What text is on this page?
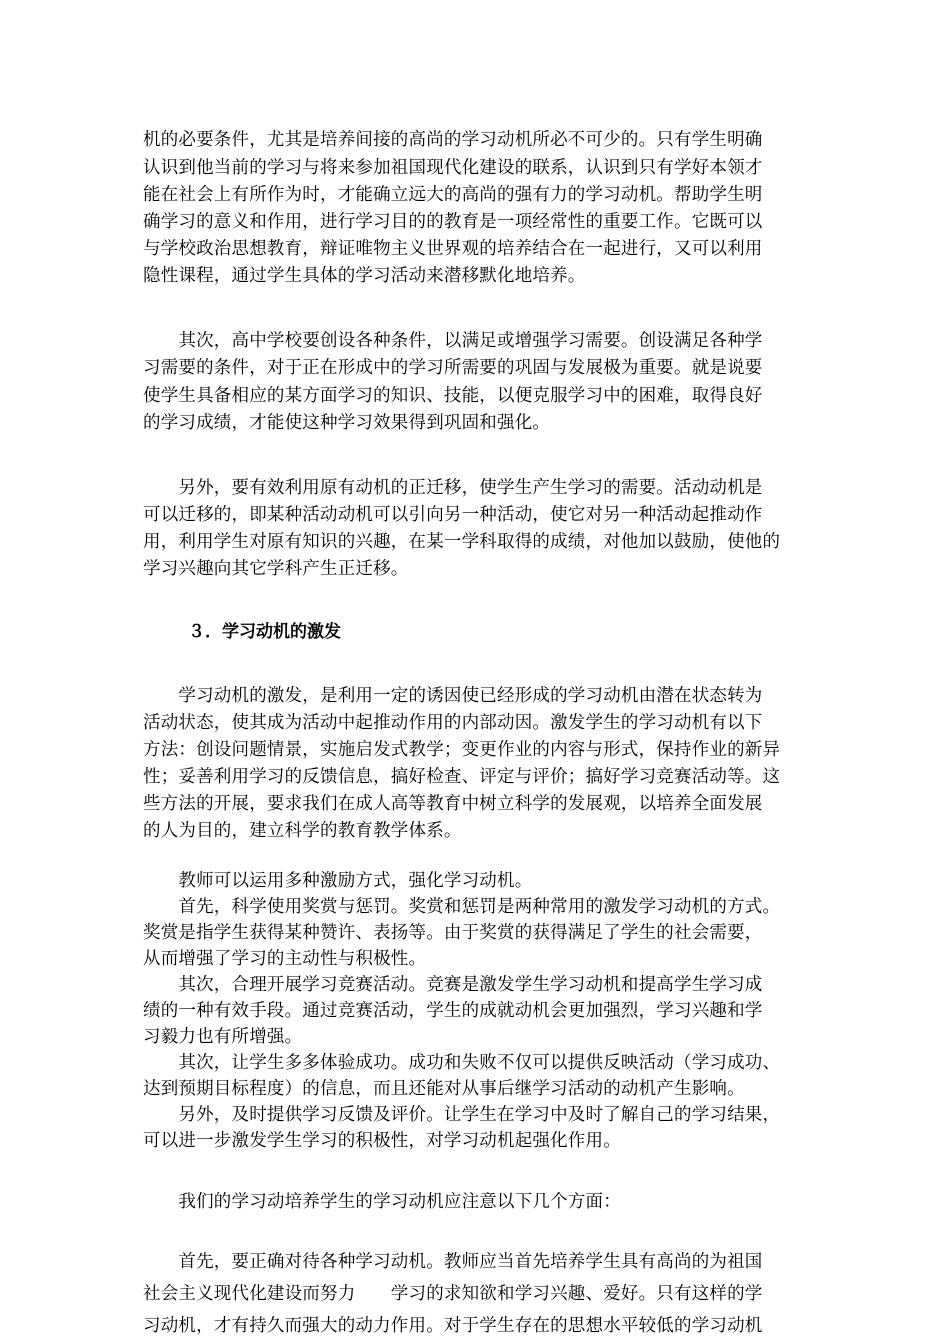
机的必要条件，尤其是培养间接的高尚的学习动机所必不可少的。只有学生明确
认识到他当前的学习与将来参加祖国现代化建设的联系，认识到只有学好本领才
能在社会上有所作为时，才能确立远大的高尚的强有力的学习动机。帮助学生明
确学习的意义和作用，进行学习目的的教育是一项经常性的重要工作。它既可以
与学校政治思想教育，辩证唯物主义世界观的培养结合在一起进行，又可以利用
隐性课程，通过学生具体的学习活动来潜移默化地培养。
　　其次，高中学校要创设各种条件，以满足或增强学习需要。创设满足各种学
习需要的条件，对于正在形成中的学习所需要的巩固与发展极为重要。就是说要
使学生具备相应的某方面学习的知识、技能，以便克服学习中的困难，取得良好
的学习成绩，才能使这种学习效果得到巩固和强化。
　　另外，要有效利用原有动机的正迁移，使学生产生学习的需要。活动动机是
可以迁移的，即某种活动动机可以引向另一种活动，使它对另一种活动起推动作
用，利用学生对原有知识的兴趣，在某一学科取得的成绩，对他加以鼓励，使他的
学习兴趣向其它学科产生正迁移。
３．学习动机的激发
　　学习动机的激发，是利用一定的诱因使已经形成的学习动机由潜在状态转为
活动状态，使其成为活动中起推动作用的内部动因。激发学生的学习动机有以下
方法：创设问题情景，实施启发式教学；变更作业的内容与形式，保持作业的新异
性；妥善利用学习的反馈信息，搞好检查、评定与评价；搞好学习竞赛活动等。这
些方法的开展，要求我们在成人高等教育中树立科学的发展观，以培养全面发展
的人为目的，建立科学的教育教学体系。
　　教师可以运用多种激励方式，强化学习动机。
　　首先，科学使用奖赏与惩罚。奖赏和惩罚是两种常用的激发学习动机的方式。
奖赏是指学生获得某种赞许、表扬等。由于奖赏的获得满足了学生的社会需要，
从而增强了学习的主动性与积极性。
　　其次，合理开展学习竞赛活动。竞赛是激发学生学习动机和提高学生学习成
绩的一种有效手段。通过竞赛活动，学生的成就动机会更加强烈，学习兴趣和学
习毅力也有所增强。
　　其次，让学生多多体验成功。成功和失败不仅可以提供反映活动（学习成功、
达到预期目标程度）的信息，而且还能对从事后继学习活动的动机产生影响。
　　另外，及时提供学习反馈及评价。让学生在学习中及时了解自己的学习结果，
可以进一步激发学生学习的积极性，对学习动机起强化作用。
　　我们的学习动培养学生的学习动机应注意以下几个方面：
　　首先，要正确对待各种学习动机。教师应当首先培养学生具有高尚的为祖国
社会主义现代化建设而努力　　学习的求知欲和学习兴趣、爱好。只有这样的学
习动机，才有持久而强大的动力作用。对于学生存在的思想水平较低的学习动机
